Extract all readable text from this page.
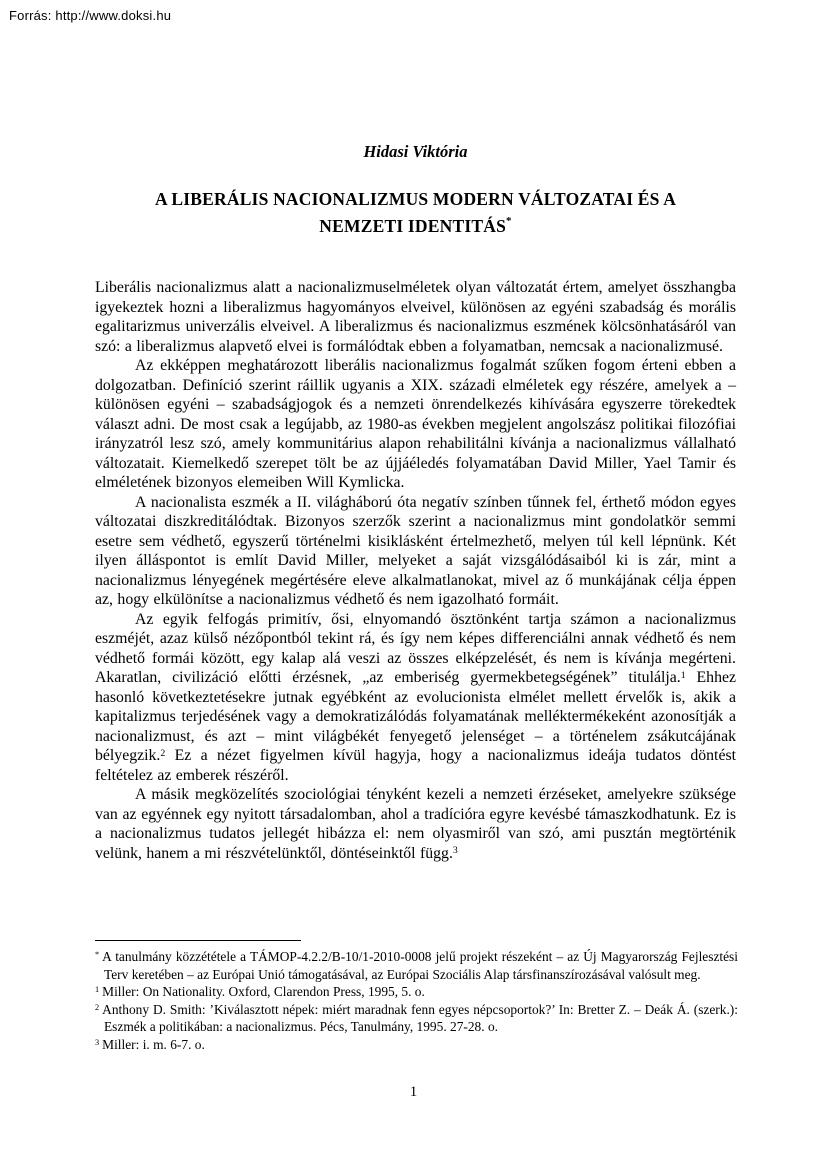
Forrás: http://www.doksi.hu
Hidasi Viktória
A LIBERÁLIS NACIONALIZMUS MODERN VÁLTOZATAI ÉS A
NEMZETI IDENTITÁS*

Liberális nacionalizmus alatt a nacionalizmuselméletek olyan változatát értem, amelyet összhangba igyekeztek hozni a liberalizmus hagyományos elveivel, különösen az egyéni szabadság és morális egalitarizmus univerzális elveivel. A liberalizmus és nacionalizmus eszmének kölcsönhatásáról van szó: a liberalizmus alapvető elvei is formálódtak ebben a folyamatban, nemcsak a nacionalizmusé.

Az ekképpen meghatározott liberális nacionalizmus fogalmát szűken fogom érteni ebben a dolgozatban. Definíció szerint ráillik ugyanis a XIX. századi elméletek egy részére, amelyek a – különösen egyéni – szabadságjogok és a nemzeti önrendelkezés kihívására egyszerre törekedtek választ adni. De most csak a legújabb, az 1980-as években megjelent angolszász politikai filozófiai irányzatról lesz szó, amely kommunitárius alapon rehabilitálni kívánja a nacionalizmus vállalható változatait. Kiemelkedő szerepet tölt be az újjáéledés folyamatában David Miller, Yael Tamir és elméletének bizonyos elemeiben Will Kymlicka.

A nacionalista eszmék a II. világháború óta negatív színben tűnnek fel, érthető módon egyes változatai diszkreditálódtak. Bizonyos szerzők szerint a nacionalizmus mint gondolatkör semmi esetre sem védhető, egyszerű történelmi kisiklásként értelmezhető, melyen túl kell lépnünk. Két ilyen álláspontot is említ David Miller, melyeket a saját vizsgálódásaiból ki is zár, mint a nacionalizmus lényegének megértésére eleve alkalmatlanokat, mivel az ő munkájának célja éppen az, hogy elkülönítse a nacionalizmus védhető és nem igazolható formáit.

Az egyik felfogás primitív, ősi, elnyomandó ösztönként tartja számon a nacionalizmus eszméjét, azaz külső nézőpontból tekint rá, és így nem képes differenciálni annak védhető és nem védhető formái között, egy kalap alá veszi az összes elképzelését, és nem is kívánja megérteni. Akaratlan, civilizáció előtti érzésnek, „az emberiség gyermekbetegségének” titulálja.$^1$ Ehhez hasonló következtetésekre jutnak egyébként az evolucionista elmélet mellett érvelők is, akik a kapitalizmus terjedésének vagy a demokratizálódás folyamatának melléktermékeként azonosítják a nacionalizmust, és azt – mint világbékét fenyegető jelenséget – a történelem zsákutcájának bélyegzik.$^2$ Ez a nézet figyelmen kívül hagyja, hogy a nacionalizmus ideája tudatos döntést feltételez az emberek részéről.

A másik megközelítés szociológiai tényként kezeli a nemzeti érzéseket, amelyekre szüksége van az egyénnek egy nyitott társadalomban, ahol a tradícióra egyre kevésbé támaszkodhatunk. Ez is a nacionalizmus tudatos jellegét hibázza el: nem olyasmiről van szó, ami pusztán megtörténik velünk, hanem a mi részvételünktől, döntéseinktől függ.$^3$

* A tanulmány közzététele a TÁMOP-4.2.2/B-10/1-2010-0008 jelű projekt részeként – az Új Magyarország Fejlesztési Terv keretében – az Európai Unió támogatásával, az Európai Szociális Alap társfinanszírozásával valósult meg.

$^1$ Miller: On Nationality. Oxford, Clarendon Press, 1995, 5. o.

$^2$ Anthony D. Smith: ’Kiválasztott népek: miért maradnak fenn egyes népcsoportok?’ In: Bretter Z. – Deák Á. (szerk.): Eszmék a politikában: a nacionalizmus. Pécs, Tanulmány, 1995. 27-28. o.

$^3$ Miller: i. m. 6-7. o.

1
